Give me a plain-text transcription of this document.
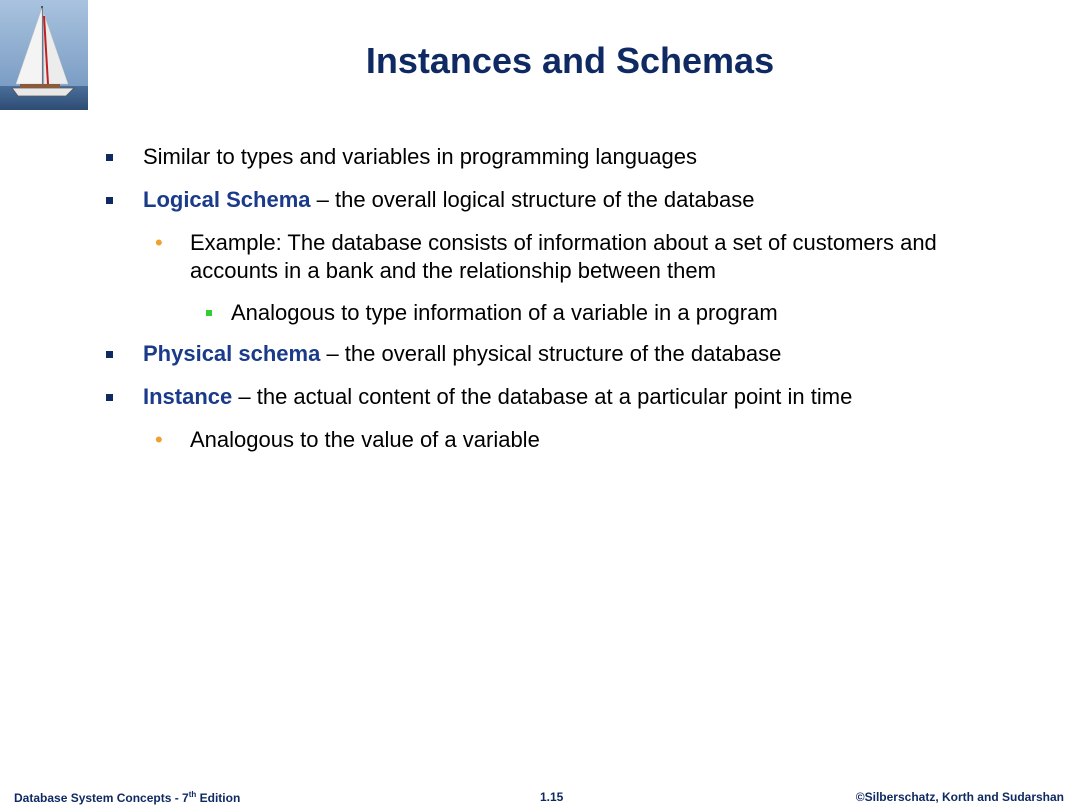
Instances and Schemas
Similar to types and variables in programming languages
Logical Schema – the overall logical structure of the database
• Example: The database consists of information about a set of customers and accounts in a bank and the relationship between them
Analogous to type information of a variable in a program
Physical schema – the overall physical structure of the database
Instance – the actual content of the database at a particular point in time
• Analogous to the value of a variable
Database System Concepts - 7th Edition	1.15	©Silberschatz, Korth and Sudarshan
